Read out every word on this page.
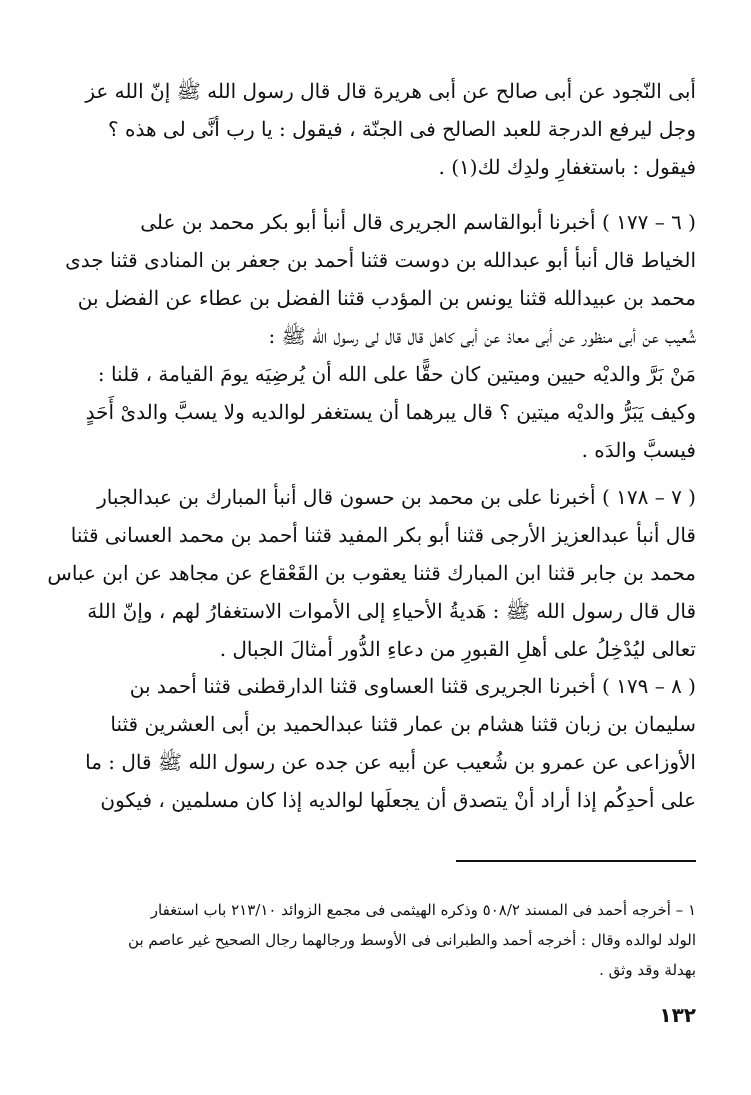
أبى النّجود عن أبى صالح عن أبى هريرة قال قال رسول الله ﷺ إنّ الله عز
وجل ليرفع الدرجة للعبد الصالح فى الجنّة ، فيقول : يا رب أنَّى لى هذه ؟
فيقول : باستغفارِ ولدِك لك(١) .

( ٦ – ١٧٧ ) أخبرنا أبوالقاسم الجريرى قال أنبأ أبو بكر محمد بن على
الخياط قال أنبأ أبو عبدالله بن دوست قثنا أحمد بن جعفر بن المنادى قثنا جدى
محمد بن عبيدالله قثنا يونس بن المؤدب قثنا الفضل بن عطاء عن الفضل بن
شُعيب عن أبى منظور عن أبى معاذ عن أبى كاهل قال قال لى رسول الله ﷺ :
مَنْ بَرَّ والديْه حيين وميتين كان حقًّا على الله أن يُرضِيَه يومَ القيامة ، قلنا :
وكيف يَبَرُّ والديْه ميتين ؟ قال يبرهما أن يستغفر لوالديه ولا يسبَّ والدىْ أَحَدٍ
فيسبَّ والدَه .

( ٧ – ١٧٨ ) أخبرنا على بن محمد بن حسون قال أنبأ المبارك بن عبدالجبار
قال أنبأ عبدالعزيز الأرجى قثنا أبو بكر المفيد قثنا أحمد بن محمد العسانى قثنا
محمد بن جابر قثنا ابن المبارك قثنا يعقوب بن القَعْقاع عن مجاهد عن ابن عباس
قال قال رسول الله ﷺ : هَديةُ الأحياءِ إلى الأموات الاستغفارُ لهم ، وإنّ اللهَ
تعالى ليُدْخِلُ على أهلِ القبورِ من دعاءِ الدُّور أمثالَ الجبال .

( ٨ – ١٧٩ ) أخبرنا الجريرى قثنا العساوى قثنا الدارقطنى قثنا أحمد بن
سليمان بن زبان قثنا هشام بن عمار قثنا عبدالحميد بن أبى العشرين قثنا
الأوزاعى عن عمرو بن شُعيب عن أبيه عن جده عن رسول الله ﷺ قال : ما
على أحدِكُم إذا أراد أنْ يتصدق أن يجعلَها لوالديه إذا كان مسلمين ، فيكون

١ – أخرجه أحمد فى المسند ٥٠٨/٢ وذكره الهيثمى فى مجمع الزوائد ٢١٣/١٠ باب استغفار
الولد لوالده وقال : أخرجه أحمد والطبرانى فى الأوسط ورجالهما رجال الصحيح غير عاصم بن
بهدلة وقد وثق .

١٣٢
